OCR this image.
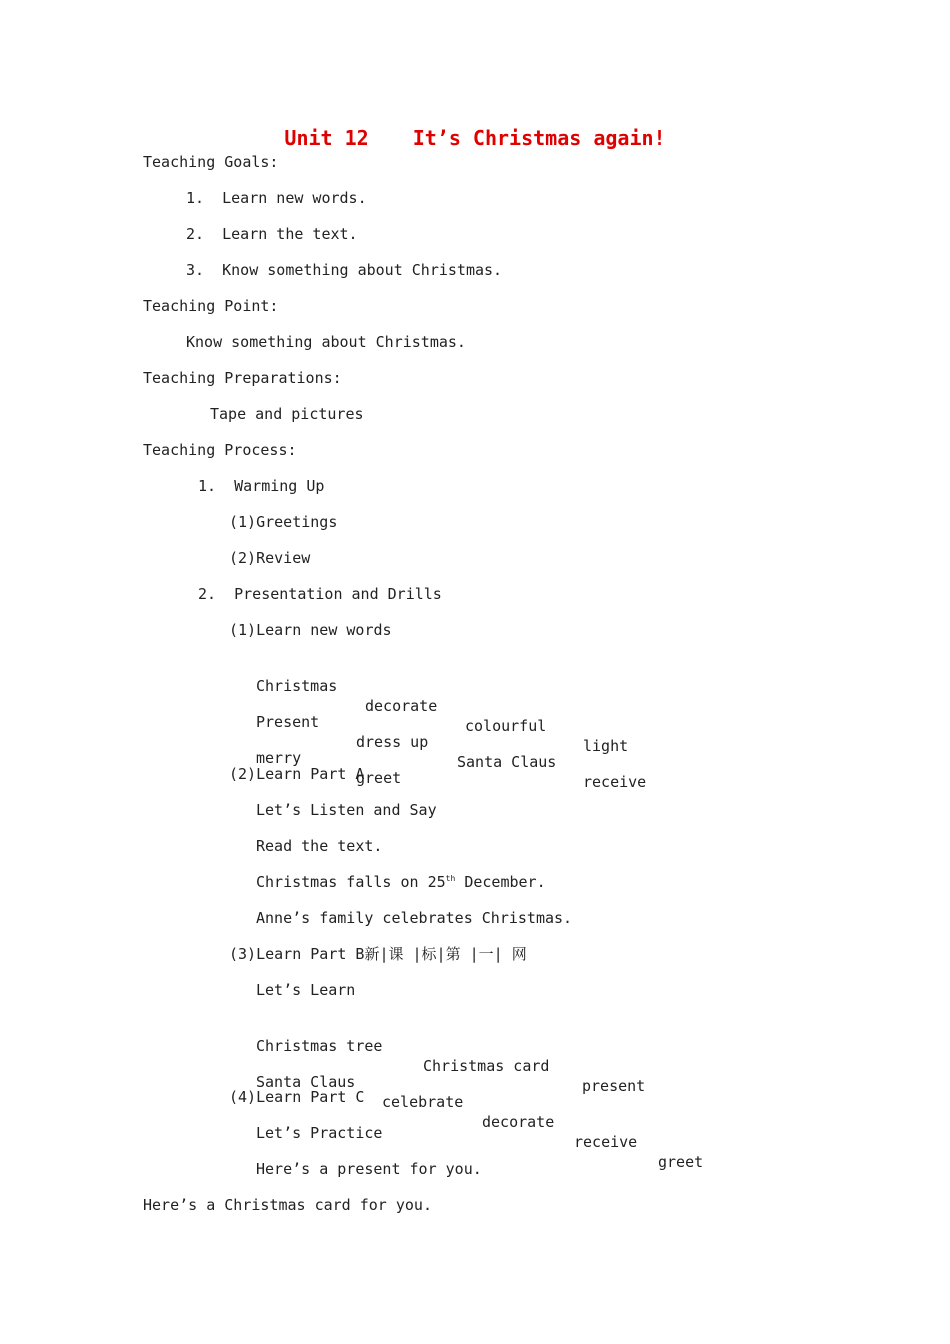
Unit 12 It’s Christmas again!
Teaching Goals:
1.  Learn new words.
2.  Learn the text.
3.  Know something about Christmas.
Teaching Point:
Know something about Christmas.
Teaching Preparations:
Tape and pictures
Teaching Process:
1.  Warming Up
(1)Greetings
(2)Review
2.  Presentation and Drills
(1)Learn new words

Christmas

decorate

colourful

light

Present

dress up

Santa Claus

receive

merry

greet

(2)Learn Part A
Let’s Listen and Say
Read the text.
Christmas falls on 25th December.
Anne’s family celebrates Christmas.
(3)Learn Part B新|课 |标|第 |一| 网
Let’s Learn

Christmas tree

Christmas card

present

Santa Claus

celebrate

decorate

receive

greet

(4)Learn Part C
Let’s Practice
Here’s a present for you.
Here’s a Christmas card for you.
